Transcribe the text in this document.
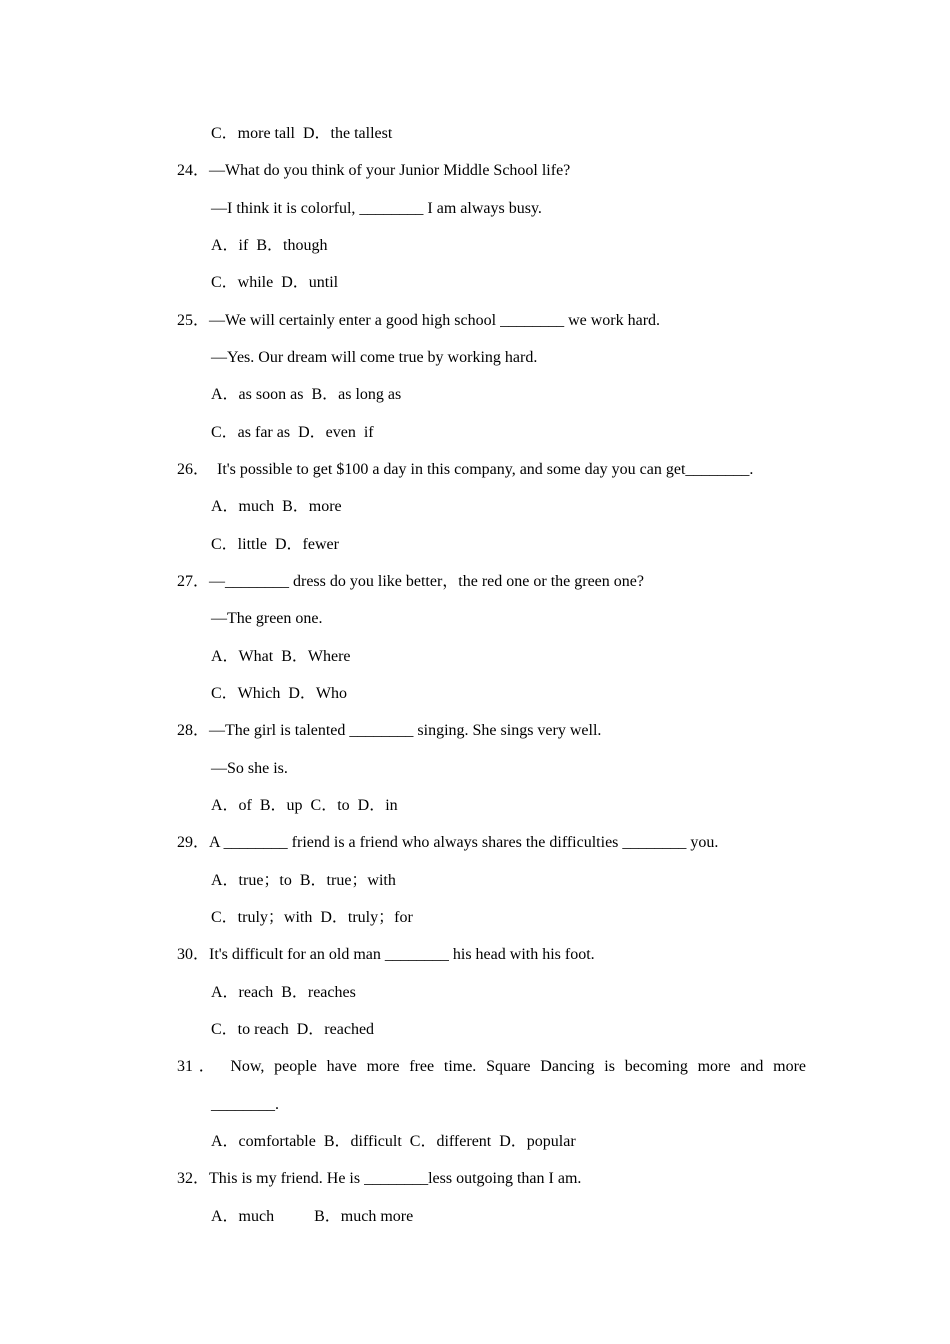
C．more tall  D．the tallest
24．—What do you think of your Junior Middle School life?
—I think it is colorful, ________ I am always busy.
A．if  B．though
C．while  D．until
25．—We will certainly enter a good high school ________ we work hard.
—Yes. Our dream will come true by working hard.
A．as soon as  B．as long as
C．as far as  D．even  if
26．  It's possible to get $100 a day in this company, and some day you can get________.
A．much  B．more
C．little  D．fewer
27．—________ dress do you like better，the red one or the green one?
—The green one.
A．What  B．Where
C．Which  D．Who
28．—The girl is talented ________ singing. She sings very well.
—So she is.
A．of  B．up  C．to  D．in
29．A ________ friend is a friend who always shares the difficulties ________ you.
A．true；to  B．true；with
C．truly；with  D．truly；for
30．It's difficult for an old man ________ his head with his foot.
A．reach  B．reaches
C．to reach  D．reached
31． Now, people have more free time. Square Dancing is becoming more and more
________.
A．comfortable  B．difficult  C．different  D．popular
32．This is my friend. He is ________less outgoing than I am.
A．much          B．much more
